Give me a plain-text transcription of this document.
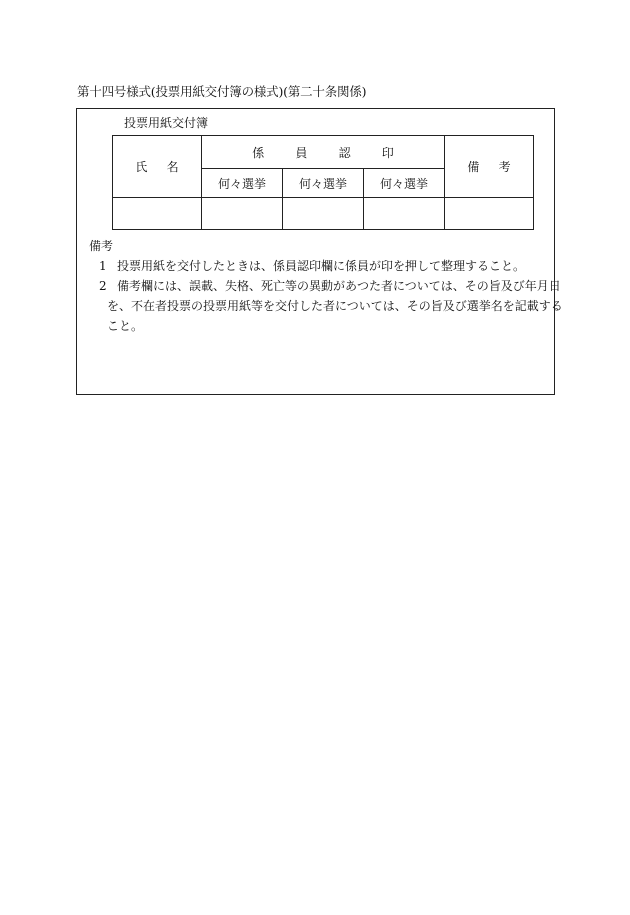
第十四号様式(投票用紙交付簿の様式)(第二十条関係)
投票用紙交付簿
氏名	係員認印			備考
	何々選挙	何々選挙	何々選挙	

備考
1 投票用紙を交付したときは、係員認印欄に係員が印を押して整理すること。
2 備考欄には、誤載、失格、死亡等の異動があつた者については、その旨及び年月日
を、不在者投票の投票用紙等を交付した者については、その旨及び選挙名を記載する
こと。
